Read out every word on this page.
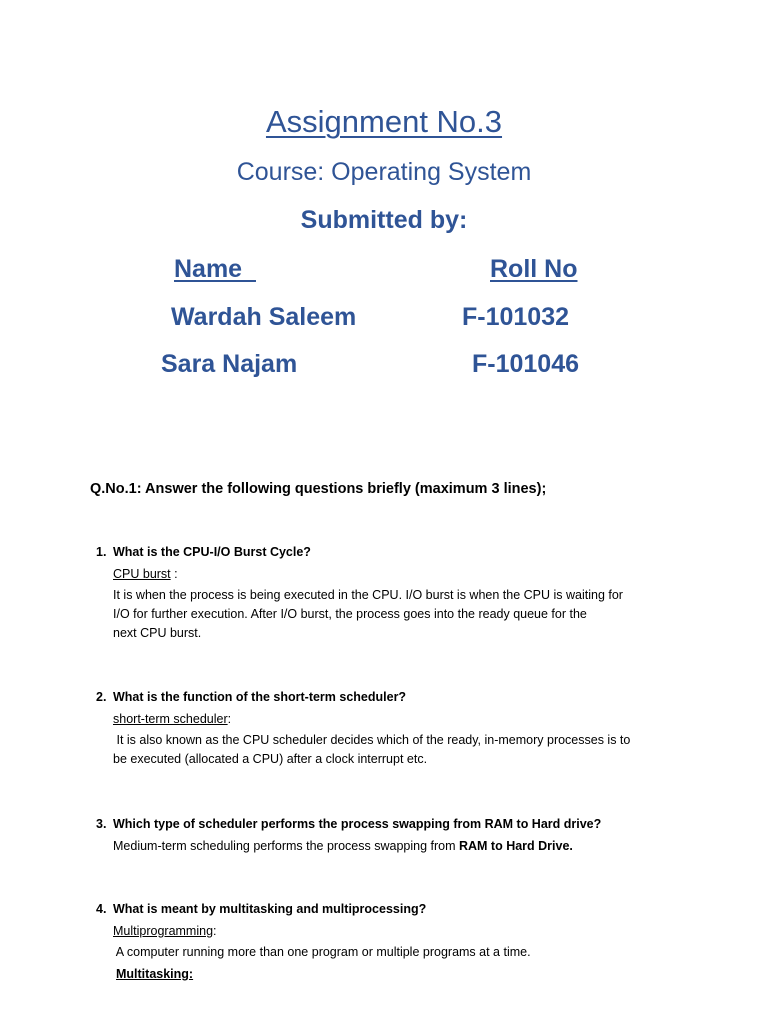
Assignment No.3
Course: Operating System
Submitted by:
Name	Roll No
Wardah Saleem	F-101032
Sara Najam	F-101046
Q.No.1: Answer the following questions briefly (maximum 3 lines);
1. What is the CPU-I/O Burst Cycle?
CPU burst :
It is when the process is being executed in the CPU. I/O burst is when the CPU is waiting for
I/O for further execution. After I/O burst, the process goes into the ready queue for the
next CPU burst.
2. What is the function of the short-term scheduler?
short-term scheduler:
It is also known as the CPU scheduler decides which of the ready, in-memory processes is to
be executed (allocated a CPU) after a clock interrupt etc.
3. Which type of scheduler performs the process swapping from RAM to Hard drive?
Medium-term scheduling performs the process swapping from RAM to Hard Drive.
4. What is meant by multitasking and multiprocessing?
Multiprogramming:
A computer running more than one program or multiple programs at a time.
Multitasking:
